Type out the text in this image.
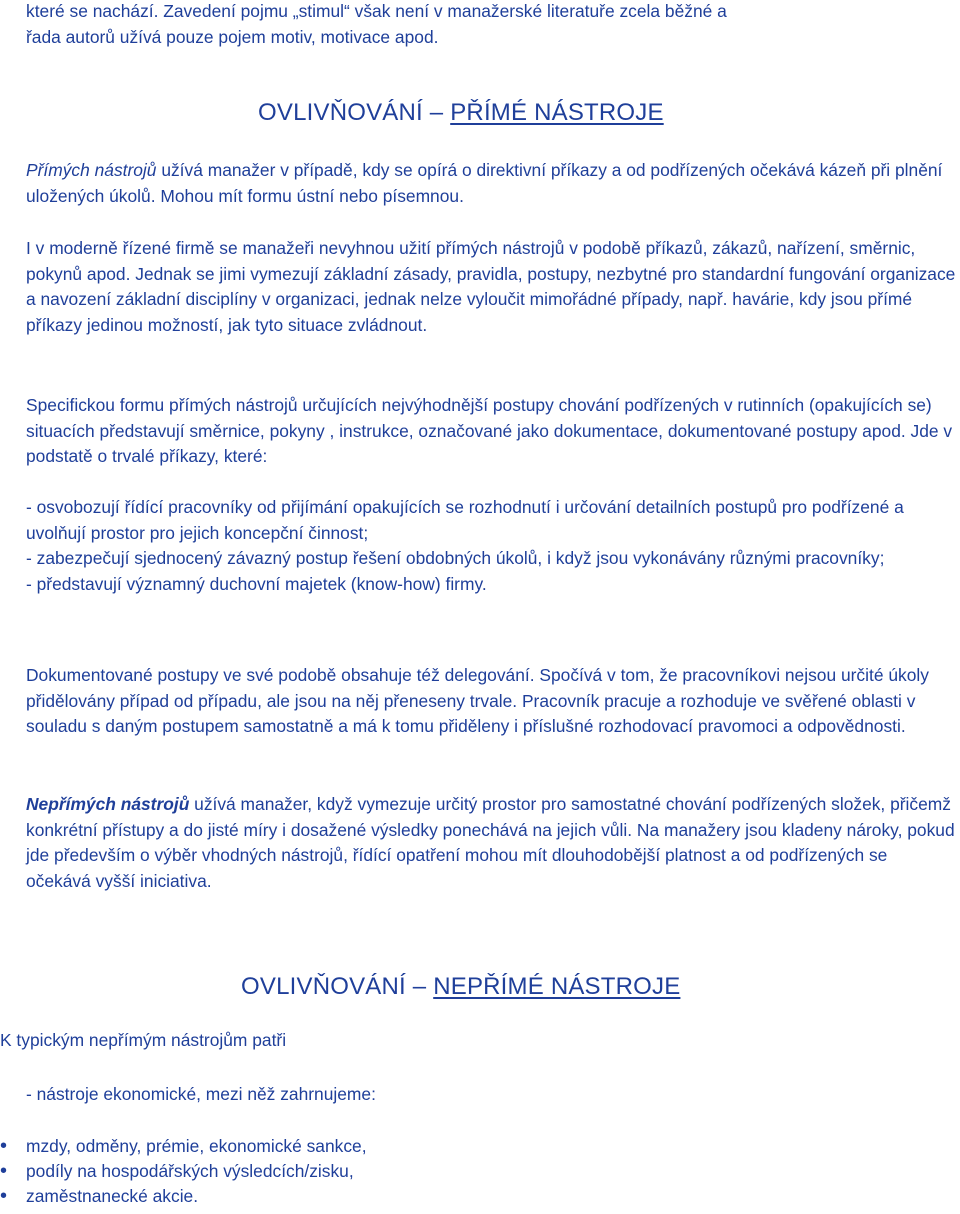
které se nachází. Zavedení pojmu „stimul“ však není v manažerské literatuře zcela běžné a
řada autorů užívá pouze pojem motiv, motivace apod.
OVLIVŇOVÁNÍ – PŘÍMÉ NÁSTROJE
Přímých nástrojů užívá manažer v případě, kdy se opírá o direktivní příkazy a od podřízených očekává kázeň při plnění uložených úkolů. Mohou mít formu ústní nebo písemnou.
I v moderně řízené firmě se manažeři nevyhnou užití přímých nástrojů v podobě příkazů, zákazů, nařízení, směrnic, pokynů apod. Jednak se jimi vymezují základní zásady, pravidla, postupy, nezbytné pro standardní fungování organizace a navození základní disciplíny v organizaci, jednak nelze vyloučit mimořádné případy, např. havárie, kdy jsou přímé příkazy jedinou možností, jak tyto situace zvládnout.
Specifickou formu přímých nástrojů určujících nejvýhodnější postupy chování podřízených v rutinních (opakujících se) situacích představují směrnice, pokyny , instrukce, označované jako dokumentace, dokumentované postupy apod. Jde v podstatě o trvalé příkazy, které:
- osvobozují řídící pracovníky od přijímání opakujících se rozhodnutí i určování detailních postupů pro podřízené a uvolňují prostor pro jejich koncepční činnost;
- zabezpečují sjednocený závazný postup řešení obdobných úkolů, i když jsou vykonávány různými pracovníky;
- představují významný duchovní majetek (know-how) firmy.
Dokumentované postupy ve své podobě obsahuje též delegování. Spočívá v tom, že pracovníkovi nejsou určité úkoly přidělovány případ od případu, ale jsou na něj přeneseny trvale. Pracovník pracuje a rozhoduje ve svěřené oblasti v souladu s daným postupem samostatně a má k tomu přiděleny i příslušné rozhodovací pravomoci a odpovědnosti.
Nepřímých nástrojů užívá manažer, když vymezuje určitý prostor pro samostatné chování podřízených složek, přičemž konkrétní přístupy a do jisté míry i dosažené výsledky ponechává na jejich vůli. Na manažery jsou kladeny nároky, pokud jde především o výběr vhodných nástrojů, řídící opatření mohou mít dlouhodobější platnost a od podřízených se očekává vyšší iniciativa.
OVLIVŇOVÁNÍ – NEPŘÍMÉ NÁSTROJE
K typickým nepřímým nástrojům patři
- nástroje ekonomické, mezi něž zahrnujeme:
• mzdy, odměny, prémie, ekonomické sankce,
• podíly na hospodářských výsledcích/zisku,
• zaměstnanecké akcie.
